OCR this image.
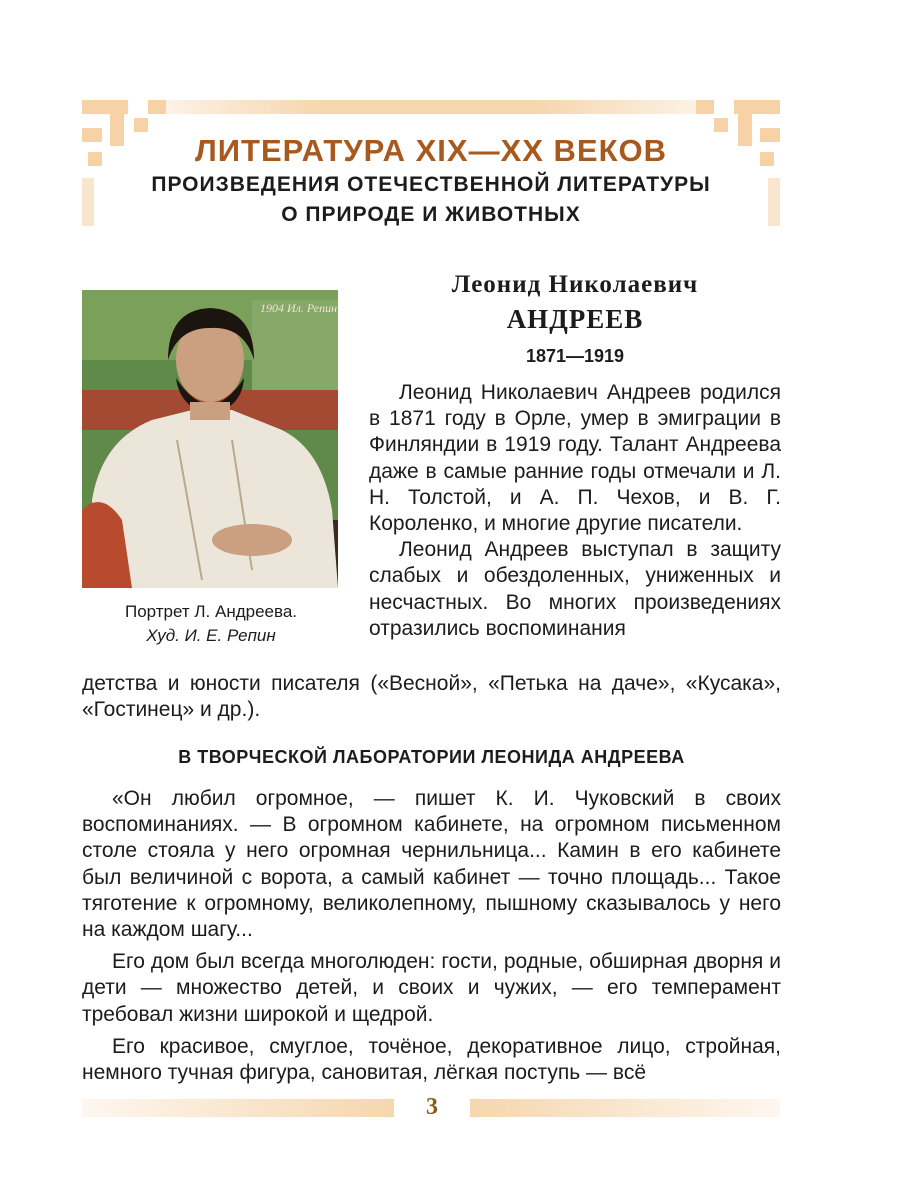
ЛИТЕРАТУРА XIX—XX ВЕКОВ
ПРОИЗВЕДЕНИЯ ОТЕЧЕСТВЕННОЙ ЛИТЕРАТУРЫ
О ПРИРОДЕ И ЖИВОТНЫХ
1904 Ил. Репин
Портрет Л. Андреева.
Худ. И. Е. Репин
Леонид Николаевич
АНДРЕЕВ
1871—1919

Леонид Николаевич Андреев родился в 1871 году в Орле, умер в эмиграции в Финляндии в 1919 году. Талант Андреева даже в самые ранние годы отмечали и Л. Н. Толстой, и А. П. Чехов, и В. Г. Короленко, и многие другие писатели.

Леонид Андреев выступал в защиту слабых и обездоленных, униженных и несчастных. Во многих произведениях отразились воспоминания

детства и юности писателя («Весной», «Петька на даче», «Кусака», «Гостинец» и др.).
В ТВОРЧЕСКОЙ ЛАБОРАТОРИИ ЛЕОНИДА АНДРЕЕВА

«Он любил огромное, — пишет К. И. Чуковский в своих воспоминаниях. — В огромном кабинете, на огромном письменном столе стояла у него огромная чернильница... Камин в его кабинете был величиной с ворота, а самый кабинет — точно площадь... Такое тяготение к огромному, великолепному, пышному сказывалось у него на каждом шагу...

Его дом был всегда многолюден: гости, родные, обширная дворня и дети — множество детей, и своих и чужих, — его темперамент требовал жизни широкой и щедрой.

Его красивое, смуглое, точёное, декоративное лицо, стройная, немного тучная фигура, сановитая, лёгкая поступь — всё

3
